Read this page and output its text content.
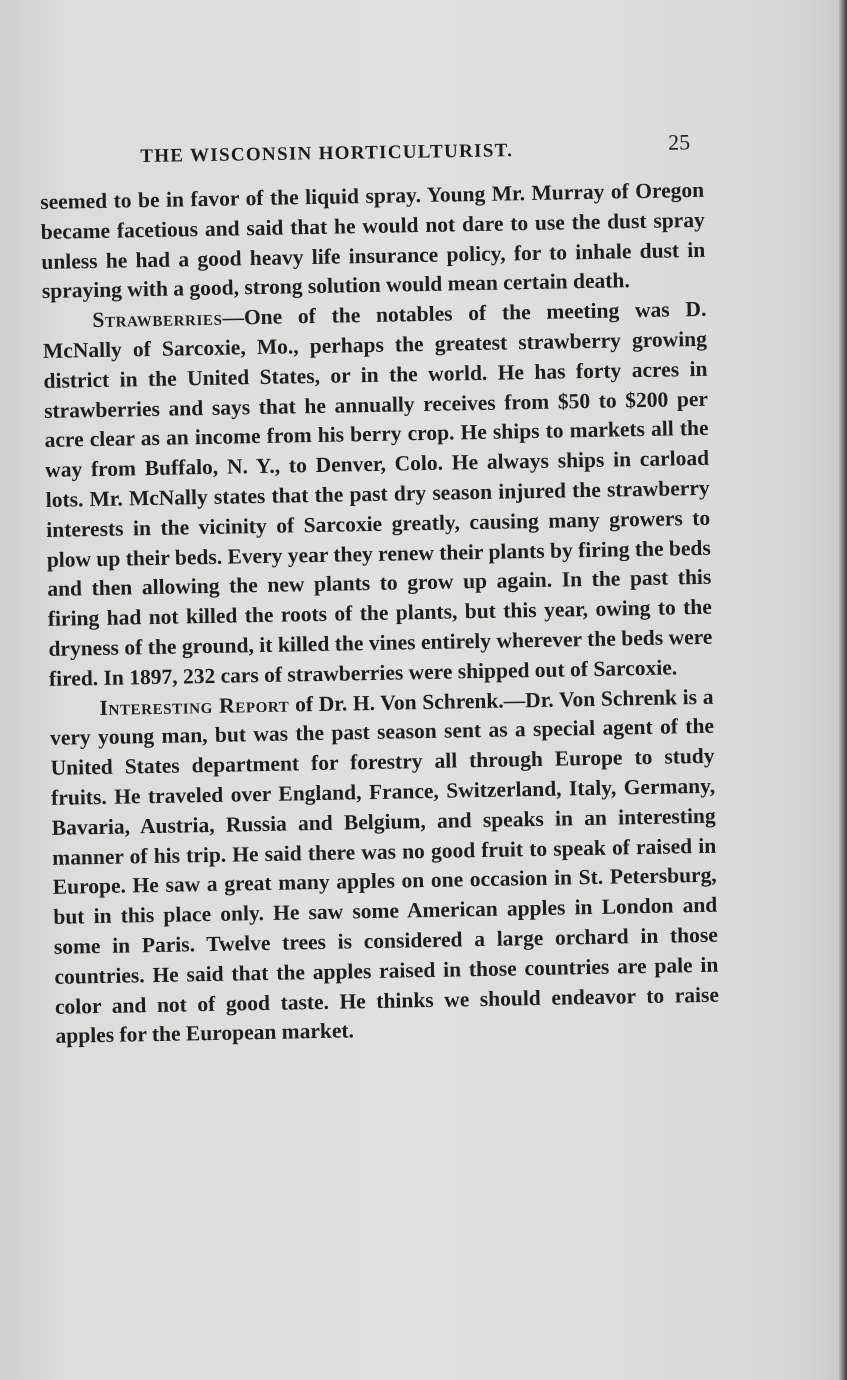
THE WISCONSIN HORTICULTURIST.	25

seemed to be in favor of the liquid spray. Young Mr. Murray of Oregon became facetious and said that he would not dare to use the dust spray unless he had a good heavy life insurance policy, for to inhale dust in spraying with a good, strong solution would mean certain death.

Strawberries—One of the notables of the meeting was D. McNally of Sarcoxie, Mo., perhaps the greatest strawberry growing district in the United States, or in the world. He has forty acres in strawberries and says that he annually receives from $50 to $200 per acre clear as an income from his berry crop. He ships to markets all the way from Buffalo, N. Y., to Denver, Colo. He always ships in carload lots. Mr. McNally states that the past dry season injured the strawberry interests in the vicinity of Sarcoxie greatly, causing many growers to plow up their beds. Every year they renew their plants by firing the beds and then allowing the new plants to grow up again. In the past this firing had not killed the roots of the plants, but this year, owing to the dryness of the ground, it killed the vines entirely wherever the beds were fired. In 1897, 232 cars of strawberries were shipped out of Sarcoxie.

Interesting Report of Dr. H. Von Schrenk.—Dr. Von Schrenk is a very young man, but was the past season sent as a special agent of the United States department for forestry all through Europe to study fruits. He traveled over England, France, Switzerland, Italy, Germany, Bavaria, Austria, Russia and Belgium, and speaks in an interesting manner of his trip. He said there was no good fruit to speak of raised in Europe. He saw a great many apples on one occasion in St. Petersburg, but in this place only. He saw some American apples in London and some in Paris. Twelve trees is considered a large orchard in those countries. He said that the apples raised in those countries are pale in color and not of good taste. He thinks we should endeavor to raise apples for the European market.
